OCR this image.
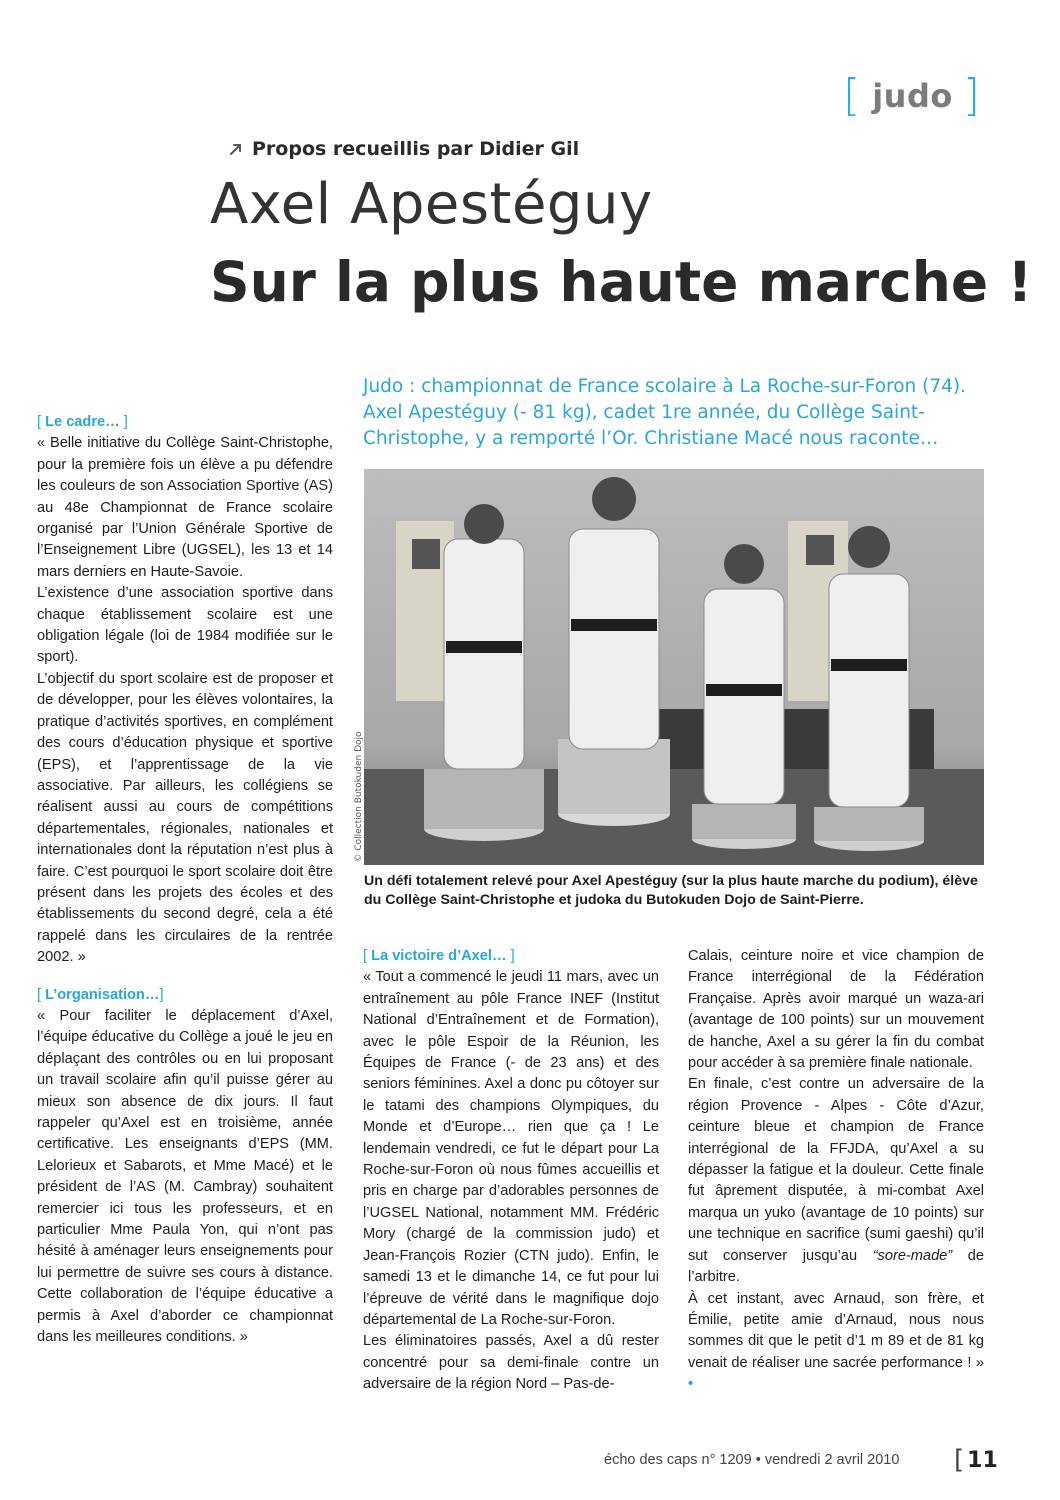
[ judo ]
Propos recueillis par Didier Gil
Axel Apestéguy
Sur la plus haute marche !
Judo : championnat de France scolaire à La Roche-sur-Foron (74). Axel Apestéguy (- 81 kg), cadet 1re année, du Collège Saint-Christophe, y a remporté l’Or. Christiane Macé nous raconte…

[ Le cadre… ]

« Belle initiative du Collège Saint-Christophe, pour la première fois un élève a pu défendre les couleurs de son Association Sportive (AS) au 48e Championnat de France scolaire organisé par l’Union Générale Sportive de l’Enseignement Libre (UGSEL), les 13 et 14 mars derniers en Haute-Savoie.

L’existence d’une association sportive dans chaque établissement scolaire est une obligation légale (loi de 1984 modifiée sur le sport).

L’objectif du sport scolaire est de proposer et de développer, pour les élèves volontaires, la pratique d’activités sportives, en complément des cours d’éducation physique et sportive (EPS), et l’apprentissage de la vie associative. Par ailleurs, les collégiens se réalisent aussi au cours de compétitions départementales, régionales, nationales et internationales dont la réputation n’est plus à faire. C’est pourquoi le sport scolaire doit être présent dans les projets des écoles et des établissements du second degré, cela a été rappelé dans les circulaires de la rentrée 2002. »

[ L’organisation…]

« Pour faciliter le déplacement d’Axel, l’équipe éducative du Collège a joué le jeu en déplaçant des contrôles ou en lui proposant un travail scolaire afin qu’il puisse gérer au mieux son absence de dix jours. Il faut rappeler qu’Axel est en troisième, année certificative. Les enseignants d’EPS (MM. Lelorieux et Sabarots, et Mme Macé) et le président de l’AS (M. Cambray) souhaitent remercier ici tous les professeurs, et en particulier Mme Paula Yon, qui n’ont pas hésité à aménager leurs enseignements pour lui permettre de suivre ses cours à distance. Cette collaboration de l’équipe éducative a permis à Axel d’aborder ce championnat dans les meilleures conditions. »

© Collection Butokuden Dojo
Un défi totalement relevé pour Axel Apestéguy (sur la plus haute marche du podium), élève du Collège Saint-Christophe et judoka du Butokuden Dojo de Saint-Pierre.

[ La victoire d’Axel… ]

« Tout a commencé le jeudi 11 mars, avec un entraînement au pôle France INEF (Institut National d’Entraînement et de Formation), avec le pôle Espoir de la Réunion, les Équipes de France (- de 23 ans) et des seniors féminines. Axel a donc pu côtoyer sur le tatami des champions Olympiques, du Monde et d’Europe… rien que ça ! Le lendemain vendredi, ce fut le départ pour La Roche-sur-Foron où nous fûmes accueillis et pris en charge par d’adorables personnes de l’UGSEL National, notamment MM. Frédéric Mory (chargé de la commission judo) et Jean-François Rozier (CTN judo). Enfin, le samedi 13 et le dimanche 14, ce fut pour lui l’épreuve de vérité dans le magnifique dojo départemental de La Roche-sur-Foron.

Les éliminatoires passés, Axel a dû rester concentré pour sa demi-finale contre un adversaire de la région Nord – Pas-de-

Calais, ceinture noire et vice champion de France interrégional de la Fédération Française. Après avoir marqué un waza-ari (avantage de 100 points) sur un mouvement de hanche, Axel a su gérer la fin du combat pour accéder à sa première finale nationale.

En finale, c’est contre un adversaire de la région Provence - Alpes - Côte d’Azur, ceinture bleue et champion de France interrégional de la FFJDA, qu’Axel a su dépasser la fatigue et la douleur. Cette finale fut âprement disputée, à mi-combat Axel marqua un yuko (avantage de 10 points) sur une technique en sacrifice (sumi gaeshi) qu’il sut conserver jusqu’au “sore-made” de l’arbitre.

À cet instant, avec Arnaud, son frère, et Émilie, petite amie d’Arnaud, nous nous sommes dit que le petit d’1 m 89 et de 81 kg venait de réaliser une sacrée performance ! » •

écho des caps n° 1209 • vendredi 2 avril 2010 [ 11
